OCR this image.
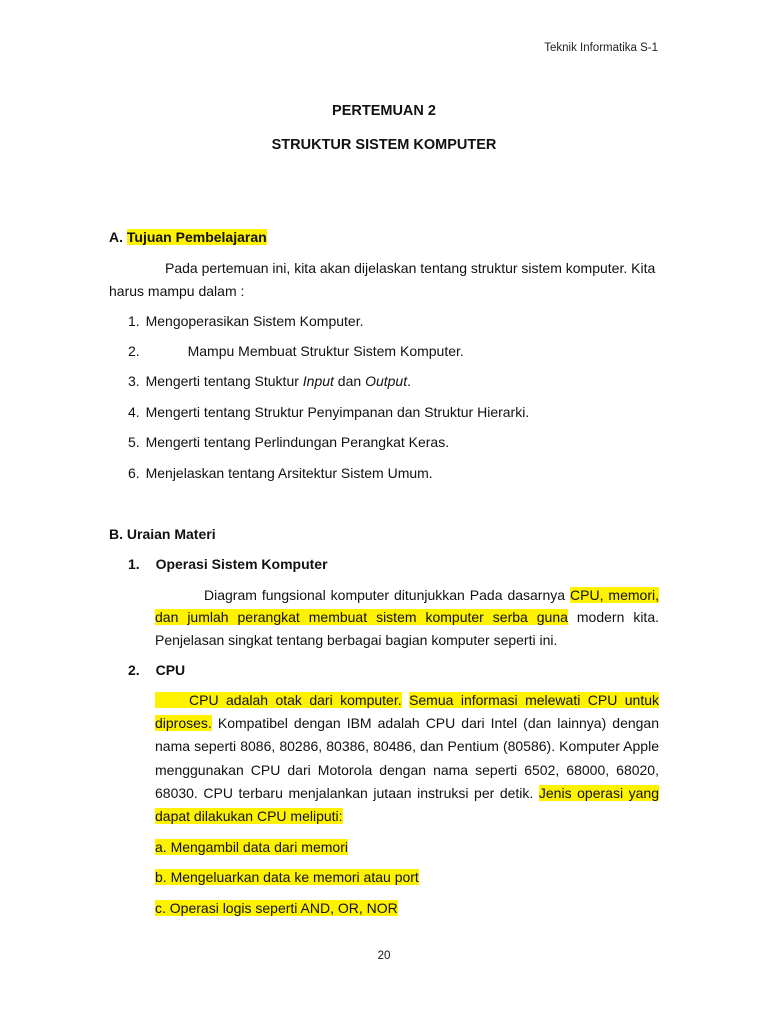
Teknik Informatika S-1
PERTEMUAN 2
STRUKTUR SISTEM KOMPUTER
A. Tujuan Pembelajaran
Pada pertemuan ini, kita akan dijelaskan tentang struktur sistem komputer. Kita
harus mampu dalam :
1. Mengoperasikan Sistem Komputer.
2.	Mampu Membuat Struktur Sistem Komputer.
3. Mengerti tentang Stuktur Input dan Output.
4. Mengerti tentang Struktur Penyimpanan dan Struktur Hierarki.
5. Mengerti tentang Perlindungan Perangkat Keras.
6. Menjelaskan tentang Arsitektur Sistem Umum.
B. Uraian Materi
1. Operasi Sistem Komputer
Diagram fungsional komputer ditunjukkan Pada dasarnya CPU, memori,
dan jumlah perangkat membuat sistem komputer serba guna modern kita.
Penjelasan singkat tentang berbagai bagian komputer seperti ini.
2. CPU
CPU adalah otak dari komputer. Semua informasi melewati CPU untuk
diproses. Kompatibel dengan IBM adalah CPU dari Intel (dan lainnya) dengan
nama seperti 8086, 80286, 80386, 80486, dan Pentium (80586). Komputer Apple
menggunakan CPU dari Motorola dengan nama seperti 6502, 68000, 68020,
68030. CPU terbaru menjalankan jutaan instruksi per detik. Jenis operasi yang
dapat dilakukan CPU meliputi:
a. Mengambil data dari memori
b. Mengeluarkan data ke memori atau port
c. Operasi logis seperti AND, OR, NOR
20
